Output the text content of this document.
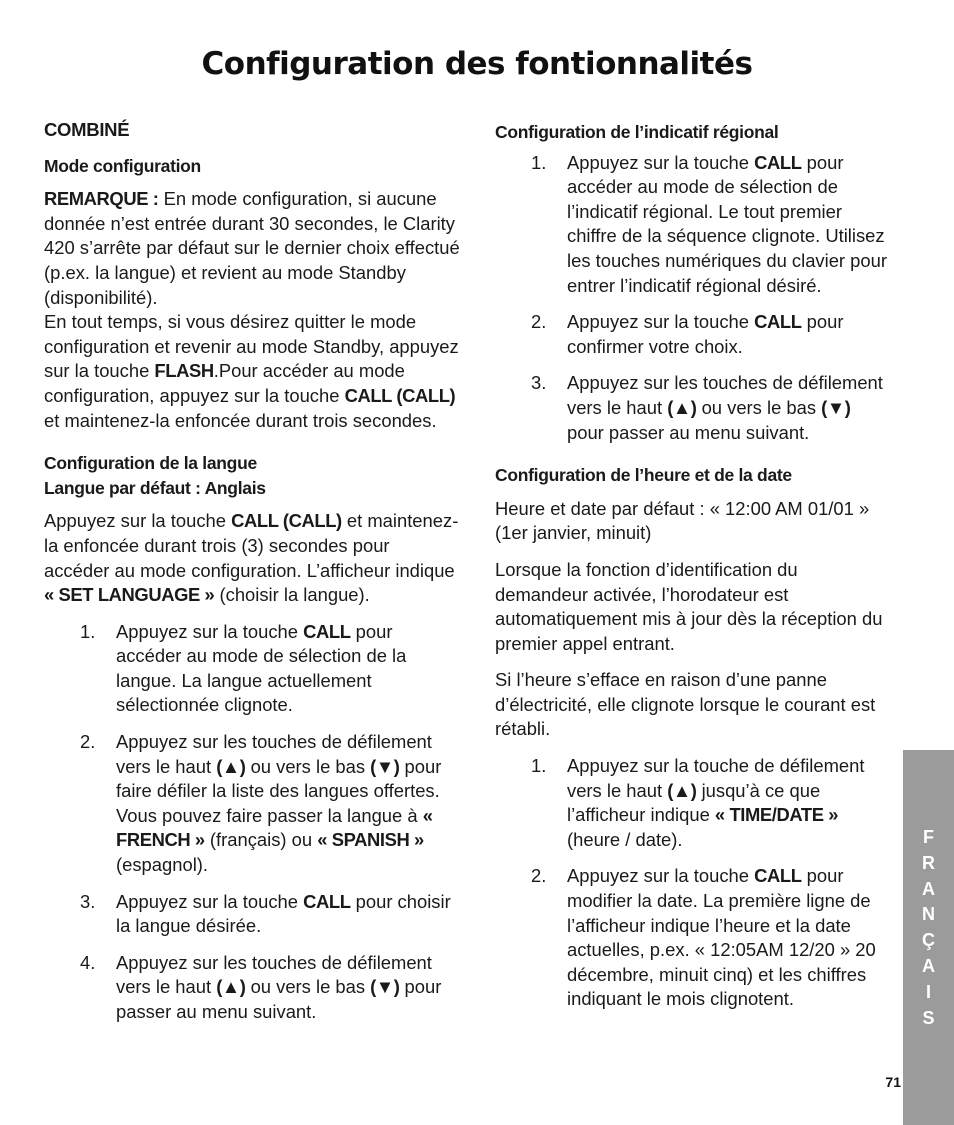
Configuration des fontionnalités
COMBINÉ
Mode configuration

REMARQUE : En mode configuration, si aucune donnée n’est entrée durant 30 secondes, le Clarity 420 s’arrête par défaut sur le dernier choix effectué (p.ex. la langue) et revient au mode Standby (disponibilité).

En tout temps, si vous désirez quitter le mode configuration et revenir au mode Standby, appuyez sur la touche FLASH.Pour accéder au mode configuration, appuyez sur la touche CALL (CALL) et maintenez-la enfoncée durant trois secondes.

Configuration de la langue
Langue par défaut : Anglais

Appuyez sur la touche CALL (CALL) et maintenez-la enfoncée durant trois (3) secondes pour accéder au mode configuration. L’afficheur indique « SET LANGUAGE » (choisir la langue).

1. Appuyez sur la touche CALL pour accéder au mode de sélection de la langue. La langue actuellement sélectionnée clignote.
2. Appuyez sur les touches de défilement vers le haut (▲) ou vers le bas (▼) pour faire défiler la liste des langues offertes. Vous pouvez faire passer la langue à « FRENCH » (français) ou « SPANISH » (espagnol).
3. Appuyez sur la touche CALL pour choisir la langue désirée.
4. Appuyez sur les touches de défilement vers le haut (▲) ou vers le bas (▼) pour passer au menu suivant.
Configuration de l’indicatif régional
1. Appuyez sur la touche CALL pour accéder au mode de sélection de l’indicatif régional. Le tout premier chiffre de la séquence clignote. Utilisez les touches numériques du clavier pour entrer l’indicatif régional désiré.
2. Appuyez sur la touche CALL pour confirmer votre choix.
3. Appuyez sur les touches de défilement vers le haut (▲) ou vers le bas (▼) pour passer au menu suivant.
Configuration de l’heure et de la date

Heure et date par défaut : « 12:00 AM 01/01 » (1er janvier, minuit)

Lorsque la fonction d’identification du demandeur activée, l’horodateur est automatiquement mis à jour dès la réception du premier appel entrant.

Si l’heure s’efface en raison d’une panne d’électricité, elle clignote lorsque le courant est rétabli.

1. Appuyez sur la touche de défilement vers le haut (▲) jusqu’à ce que l’afficheur indique « TIME/DATE » (heure / date).
2. Appuyez sur la touche CALL pour modifier la date. La première ligne de l’afficheur indique l’heure et la date actuelles, p.ex. « 12:05AM 12/20 » 20 décembre, minuit cinq) et les chiffres indiquant le mois clignotent.
F
R
A
N
Ç
A
I
S
71
